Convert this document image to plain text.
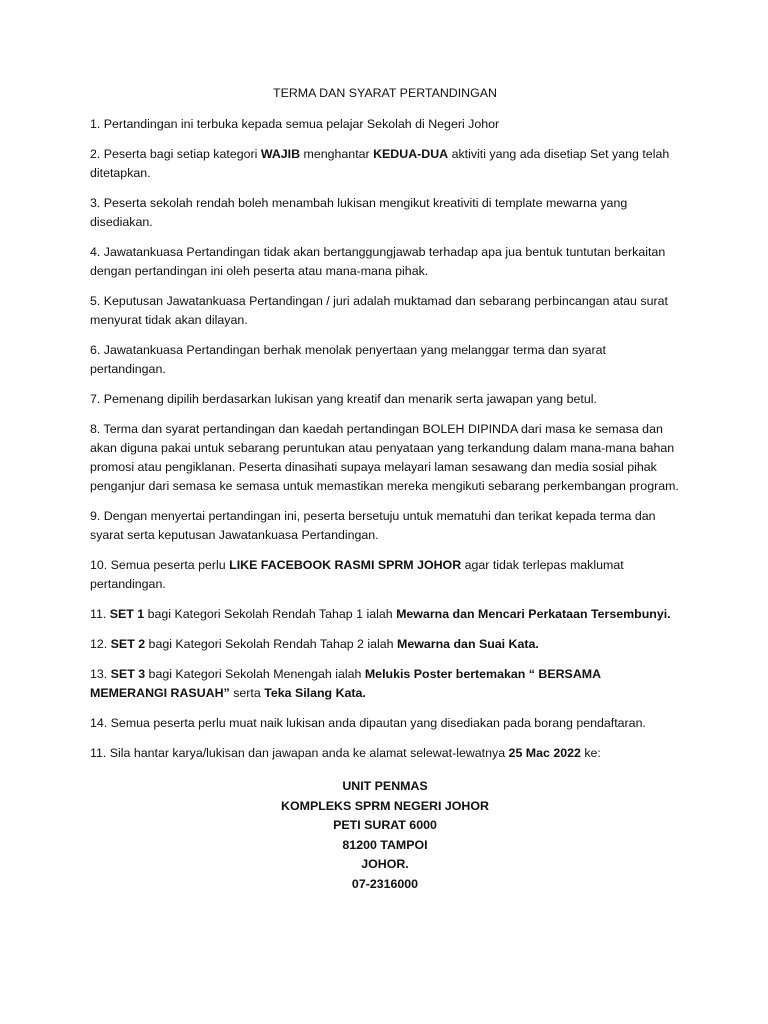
TERMA DAN SYARAT PERTANDINGAN

1. Pertandingan ini terbuka kepada semua pelajar Sekolah di Negeri Johor

2. Peserta bagi setiap kategori WAJIB menghantar KEDUA-DUA aktiviti yang ada disetiap Set yang telah ditetapkan.

3. Peserta sekolah rendah boleh menambah lukisan mengikut kreativiti di template mewarna yang disediakan.

4. Jawatankuasa Pertandingan tidak akan bertanggungjawab terhadap apa jua bentuk tuntutan berkaitan dengan pertandingan ini oleh peserta atau mana-mana pihak.

5. Keputusan Jawatankuasa Pertandingan / juri adalah muktamad dan sebarang perbincangan atau surat menyurat tidak akan dilayan.

6. Jawatankuasa Pertandingan berhak menolak penyertaan yang melanggar terma dan syarat pertandingan.

7. Pemenang dipilih berdasarkan lukisan yang kreatif dan menarik serta jawapan yang betul.

8. Terma dan syarat pertandingan dan kaedah pertandingan BOLEH DIPINDA dari masa ke semasa dan akan diguna pakai untuk sebarang peruntukan atau penyataan yang terkandung dalam mana-mana bahan promosi atau pengiklanan. Peserta dinasihati supaya melayari laman sesawang dan media sosial pihak penganjur dari semasa ke semasa untuk memastikan mereka mengikuti sebarang perkembangan program.

9. Dengan menyertai pertandingan ini, peserta bersetuju untuk mematuhi dan terikat kepada terma dan syarat serta keputusan Jawatankuasa Pertandingan.

10. Semua peserta perlu LIKE FACEBOOK RASMI SPRM JOHOR agar tidak terlepas maklumat pertandingan.

11. SET 1 bagi Kategori Sekolah Rendah Tahap 1 ialah Mewarna dan Mencari Perkataan Tersembunyi.

12. SET 2 bagi Kategori Sekolah Rendah Tahap 2 ialah Mewarna dan Suai Kata.

13. SET 3 bagi Kategori Sekolah Menengah ialah Melukis Poster bertemakan “ BERSAMA MEMERANGI RASUAH” serta Teka Silang Kata.

14. Semua peserta perlu muat naik lukisan anda dipautan yang disediakan pada borang pendaftaran.

11. Sila hantar karya/lukisan dan jawapan anda ke alamat selewat-lewatnya 25 Mac 2022 ke:

UNIT PENMAS
KOMPLEKS SPRM NEGERI JOHOR
PETI SURAT 6000
81200 TAMPOI
JOHOR.
07-2316000
